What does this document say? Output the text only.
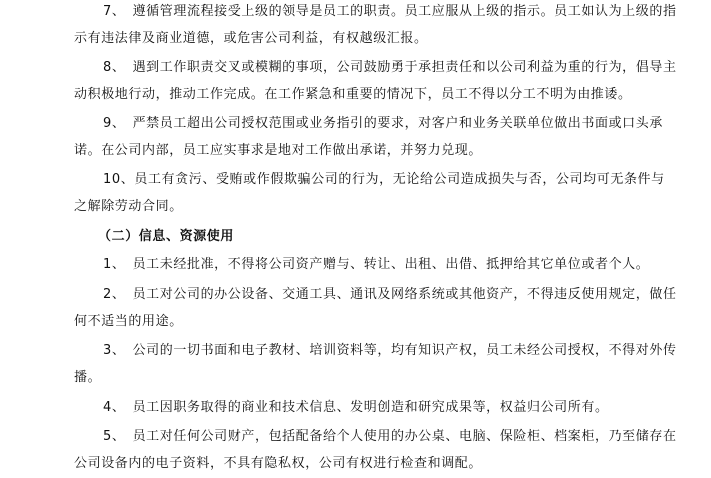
7、　遵循管理流程接受上级的领导是员工的职责。员工应服从上级的指示。员工如认为上级的指
示有违法律及商业道德，或危害公司利益，有权越级汇报。
8、　遇到工作职责交叉或模糊的事项，公司鼓励勇于承担责任和以公司利益为重的行为，倡导主
动积极地行动，推动工作完成。在工作紧急和重要的情况下，员工不得以分工不明为由推诿。
9、　严禁员工超出公司授权范围或业务指引的要求，对客户和业务关联单位做出书面或口头承
诺。在公司内部，员工应实事求是地对工作做出承诺，并努力兑现。
10、员工有贪污、受贿或作假欺骗公司的行为，无论给公司造成损失与否，公司均可无条件与
之解除劳动合同。
（二）信息、资源使用
1、　员工未经批准，不得将公司资产赠与、转让、出租、出借、抵押给其它单位或者个人。
2、　员工对公司的办公设备、交通工具、通讯及网络系统或其他资产，不得违反使用规定，做任
何不适当的用途。
3、　公司的一切书面和电子教材、培训资料等，均有知识产权，员工未经公司授权，不得对外传
播。
4、　员工因职务取得的商业和技术信息、发明创造和研究成果等，权益归公司所有。
5、　员工对任何公司财产，包括配备给个人使用的办公桌、电脑、保险柜、档案柜，乃至储存在
公司设备内的电子资料，不具有隐私权，公司有权进行检查和调配。
